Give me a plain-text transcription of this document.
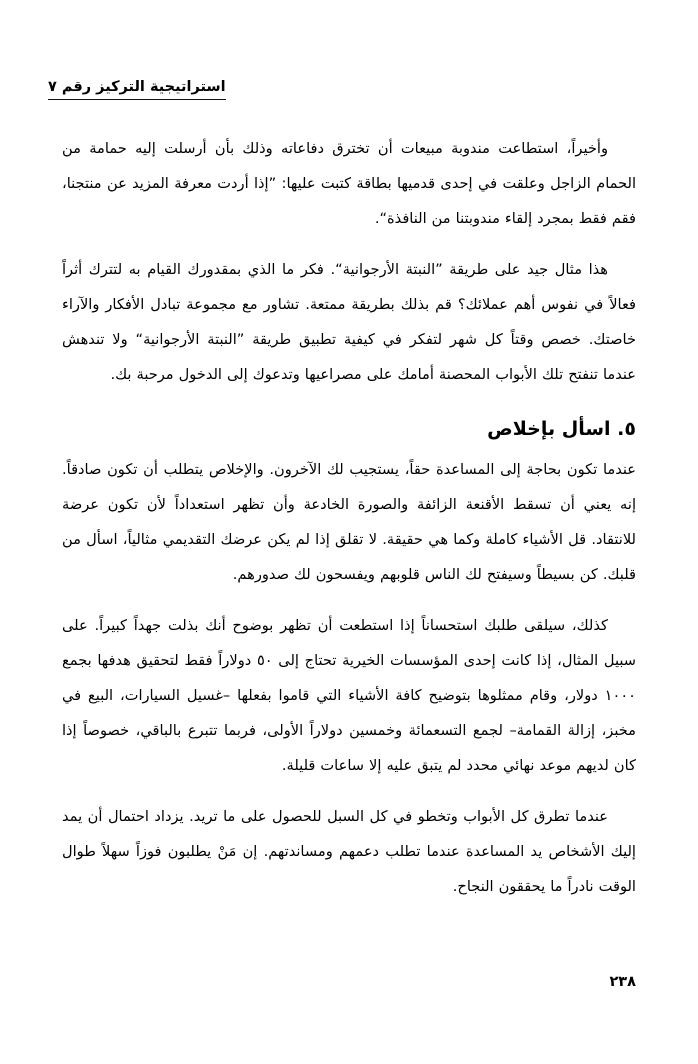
استراتيجية التركيز رقم ٧

وأخيراً، استطاعت مندوبة مبيعات أن تخترق دفاعاته وذلك بأن أرسلت إليه حمامة من الحمام الزاجل وعلقت في إحدى قدميها بطاقة كتبت عليها: ”إذا أردت معرفة المزيد عن منتجنا، فقم فقط بمجرد إلقاء مندوبتنا من النافذة“.

هذا مثال جيد على طريقة ”النبتة الأرجوانية“. فكر ما الذي بمقدورك القيام به لتترك أثراً فعالاً في نفوس أهم عملائك؟ قم بذلك بطريقة ممتعة. تشاور مع مجموعة تبادل الأفكار والآراء خاصتك. خصص وقتاً كل شهر لتفكر في كيفية تطبيق طريقة ”النبتة الأرجوانية“ ولا تندهش عندما تنفتح تلك الأبواب المحصنة أمامك على مصراعيها وتدعوك إلى الدخول مرحبة بك.

٥. اسأل بإخلاص

عندما تكون بحاجة إلى المساعدة حقاً، يستجيب لك الآخرون. والإخلاص يتطلب أن تكون صادقاً. إنه يعني أن تسقط الأقنعة الزائفة والصورة الخادعة وأن تظهر استعداداً لأن تكون عرضة للانتقاد. قل الأشياء كاملة وكما هي حقيقة. لا تقلق إذا لم يكن عرضك التقديمي مثالياً، اسأل من قلبك. كن بسيطاً وسيفتح لك الناس قلوبهم ويفسحون لك صدورهم.

كذلك، سيلقى طلبك استحساناً إذا استطعت أن تظهر بوضوح أنك بذلت جهداً كبيراً. على سبيل المثال، إذا كانت إحدى المؤسسات الخيرية تحتاج إلى ٥٠ دولاراً فقط لتحقيق هدفها بجمع ١٠٠٠ دولار، وقام ممثلوها بتوضيح كافة الأشياء التي قاموا بفعلها –غسيل السيارات، البيع في مخبز، إزالة القمامة– لجمع التسعمائة وخمسين دولاراً الأولى، فربما تتبرع بالباقي، خصوصاً إذا كان لديهم موعد نهائي محدد لم يتبق عليه إلا ساعات قليلة.

عندما تطرق كل الأبواب وتخطو في كل السبل للحصول على ما تريد. يزداد احتمال أن يمد إليك الأشخاص يد المساعدة عندما تطلب دعمهم ومساندتهم. إن مَنْ يطلبون فوزاً سهلاً طوال الوقت نادراً ما يحققون النجاح.

٢٣٨
